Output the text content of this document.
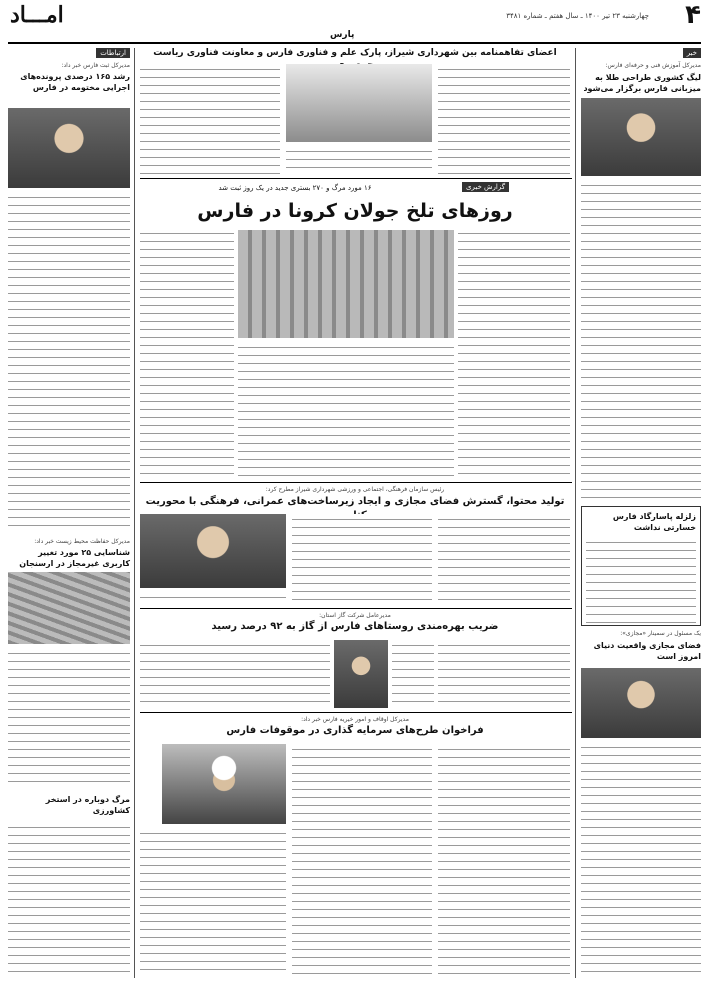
۴
چهارشنبه ۲۳ تیر ۱۴۰۰ ـ سال هفتم ـ شماره ۳۴۸۱
امـــاد
پارس
خبر
مدیرکل آموزش فنی و حرفه‌ای فارس:
لیگ کشوری طراحی طلا به میزبانی فارس برگزار می‌شود
زلزله پاسارگاد فارس خسارتی نداشت
یک مسئول در سمینار «مجازی»:
فضای مجازی واقعیت دنیای امروز است
اعضای تفاهمنامه بین شهرداری شیراز، پارک علم و فناوری فارس و معاونت فناوری ریاست
گزارش خبری
۱۶ مورد مرگ و ۲۷۰ بستری جدید در یک روز ثبت شد
روزهای تلخ جولان کرونا در فارس
رئیس سازمان فرهنگی، اجتماعی و ورزشی شهرداری شیراز مطرح کرد:
تولید محتوا، گسترش فضای مجازی و ایجاد زیرساخت‌های عمرانی، فرهنگی با محوریت
مدیرعامل شرکت گاز استان:
ضریب بهره‌مندی روستاهای فارس از گاز به ۹۲ درصد رسید
مدیرکل اوقاف و امور خیریه فارس خبر داد:
فراخوان طرح‌های سرمایه گذاری در موقوفات فارس
ارتباطات
مدیرکل ثبت فارس خبر داد:
رشد ۱۶۵ درصدی پرونده‌های اجرایی مختومه در فارس
مدیرکل حفاظت محیط زیست خبر داد:
شناسایی ۲۵ مورد تغییر کاربری غیرمجاز در ارسنجان
مرگ دوباره در استخر کشاورزی
